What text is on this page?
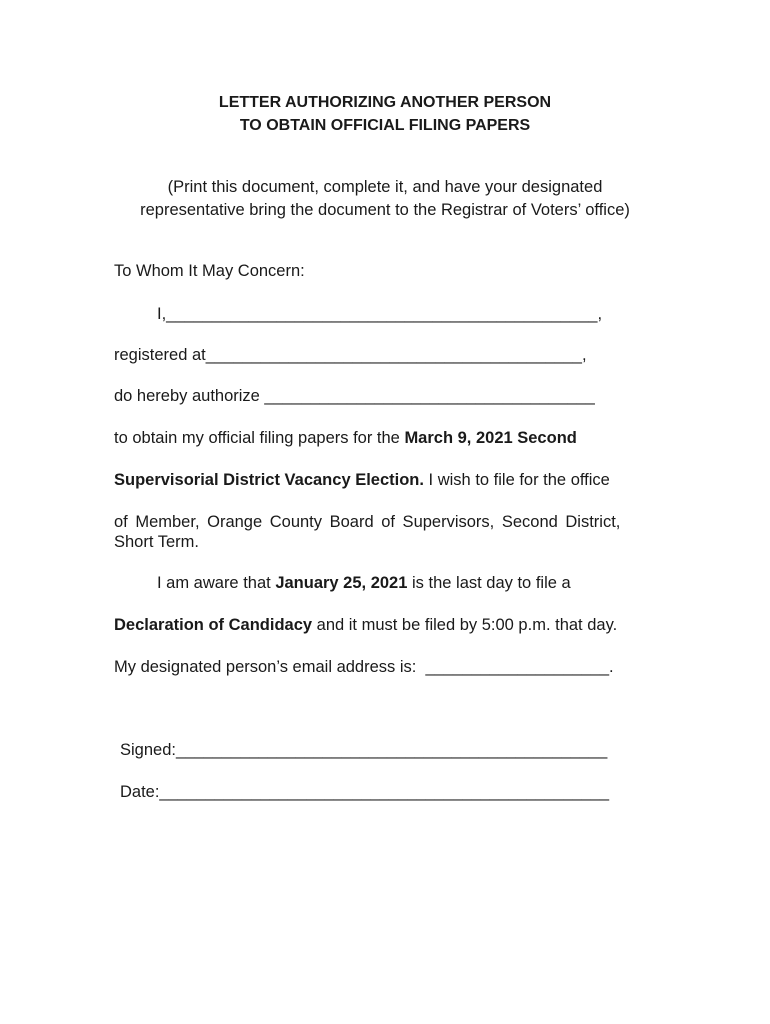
LETTER AUTHORIZING ANOTHER PERSON

TO OBTAIN OFFICIAL FILING PAPERS

(Print this document, complete it, and have your designated

representative bring the document to the Registrar of Voters’ office)

To Whom It May Concern:

I,_______________________________________________,

registered at_________________________________________,

do hereby authorize ____________________________________

to obtain my official filing papers for the March 9, 2021 Second

Supervisorial District Vacancy Election. I wish to file for the office

of Member, Orange County Board of Supervisors, Second District,

Short Term.

I am aware that January 25, 2021 is the last day to file a

Declaration of Candidacy and it must be filed by 5:00 p.m. that day.

My designated person’s email address is:  ____________________.

Signed:_______________________________________________

Date:_________________________________________________
